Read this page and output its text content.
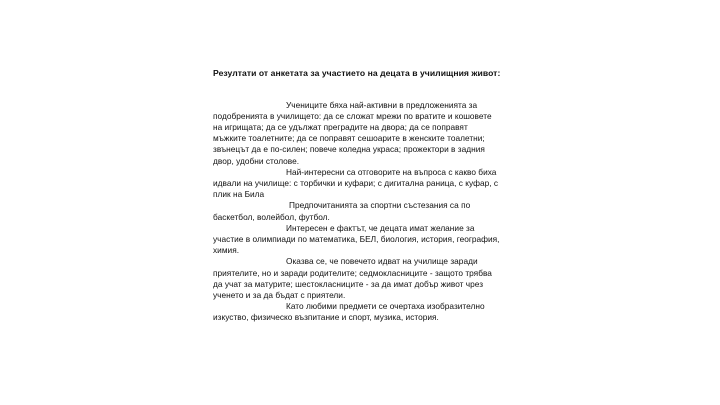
Резултати от анкетата за участието на децата в училищния живот:

Учениците бяха най-активни в предложенията за подобренията в училището: да се сложат мрежи по вратите и кошовете на игрищата; да се удължат преградите на двора; да се поправят мъжките тоалетните; да се поправят сешоарите в женските тоалетни; звънецът да е по-силен; повече коледна украса; прожектори в задния двор, удобни столове.

Най-интересни са отговорите на въпроса с какво биха идвали на училище: с торбички и куфари; с дигитална раница, с куфар, с плик на Била

Предпочитанията за спортни състезания са по баскетбол, волейбол, футбол.

Интересен е фактът, че децата имат желание за участие в олимпиади по математика, БЕЛ, биология, история, география, химия.

Оказва се, че повечето идват на училище заради приятелите, но и заради родителите; седмокласниците - защото трябва да учат за матурите; шестокласниците - за да имат добър живот чрез ученето и за да бъдат с приятели.

Като любими предмети се очертаха изобразително изкуство, физическо възпитание и спорт, музика, история.
